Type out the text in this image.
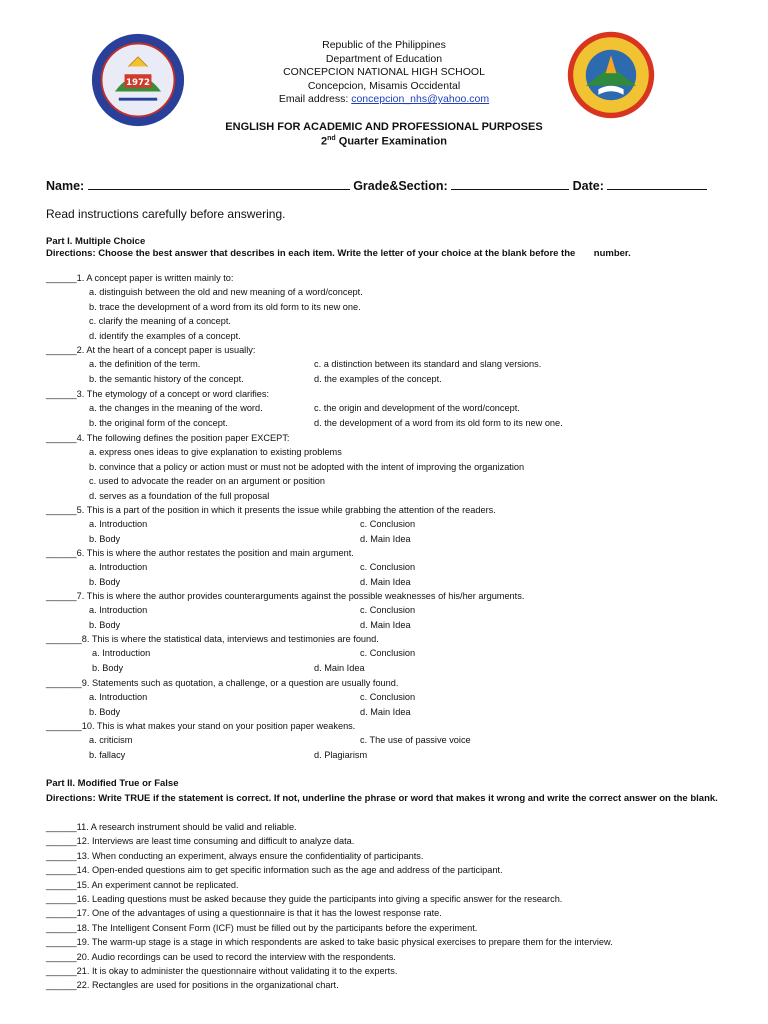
1972
Republic of the Philippines
Department of Education
CONCEPCION NATIONAL HIGH SCHOOL
Concepcion, Misamis Occidental
Email address: concepcion_nhs@yahoo.com
ENGLISH FOR ACADEMIC AND PROFESSIONAL PURPOSES
2nd Quarter Examination
Name:	Grade&Section:	Date:
Read instructions carefully before answering.
Part I. Multiple Choice
Directions: Choose the best answer that describes in each item. Write the letter of your choice at the blank before the       number.
______1. A concept paper is written mainly to:
a. distinguish between the old and new meaning of a word/concept.
b. trace the development of a word from its old form to its new one.
c. clarify the meaning of a concept.
d. identify the examples of a concept.
______2. At the heart of a concept paper is usually:
a. the definition of the term.	c. a distinction between its standard and slang versions.
b. the semantic history of the concept.	d. the examples of the concept.
______3. The etymology of a concept or word clarifies:
a. the changes in the meaning of the word.	c. the origin and development of the word/concept.
b. the original form of the concept.	d. the development of a word from its old form to its new one.
______4. The following defines the position paper EXCEPT:
a. express ones ideas to give explanation to existing problems
b. convince that a policy or action must or must not be adopted with the intent of improving the organization
c. used to advocate the reader on an argument or position
d. serves as a foundation of the full proposal
______5. This is a part of the position in which it presents the issue while grabbing the attention of the readers.
a. Introduction	c. Conclusion
b. Body	d. Main Idea
______6. This is where the author restates the position and main argument.
a. Introduction	c. Conclusion
b. Body	d. Main Idea
______7. This is where the author provides counterarguments against the possible weaknesses of his/her arguments.
a. Introduction	c. Conclusion
b. Body	d. Main Idea
_______8. This is where the statistical data, interviews and testimonies are found.
a. Introduction	c. Conclusion
b. Body	d. Main Idea
_______9. Statements such as quotation, a challenge, or a question are usually found.
a. Introduction	c. Conclusion
b. Body	d. Main Idea
_______10. This is what makes your stand on your position paper weakens.
a. criticism	c. The use of passive voice
b. fallacy	d. Plagiarism
Part II. Modified True or False
Directions: Write TRUE if the statement is correct. If not, underline the phrase or word that makes it wrong and write the correct answer on the blank.
______11. A research instrument should be valid and reliable.
______12. Interviews are least time consuming and difficult to analyze data.
______13. When conducting an experiment, always ensure the confidentiality of participants.
______14. Open-ended questions aim to get specific information such as the age and address of the participant.
______15. An experiment cannot be replicated.
______16. Leading questions must be asked because they guide the participants into giving a specific answer for the research.
______17. One of the advantages of using a questionnaire is that it has the lowest response rate.
______18. The Intelligent Consent Form (ICF) must be filled out by the participants before the experiment.
______19. The warm-up stage is a stage in which respondents are asked to take basic physical exercises to prepare them for the interview.
______20. Audio recordings can be used to record the interview with the respondents.
______21. It is okay to administer the questionnaire without validating it to the experts.
______22. Rectangles are used for positions in the organizational chart.
